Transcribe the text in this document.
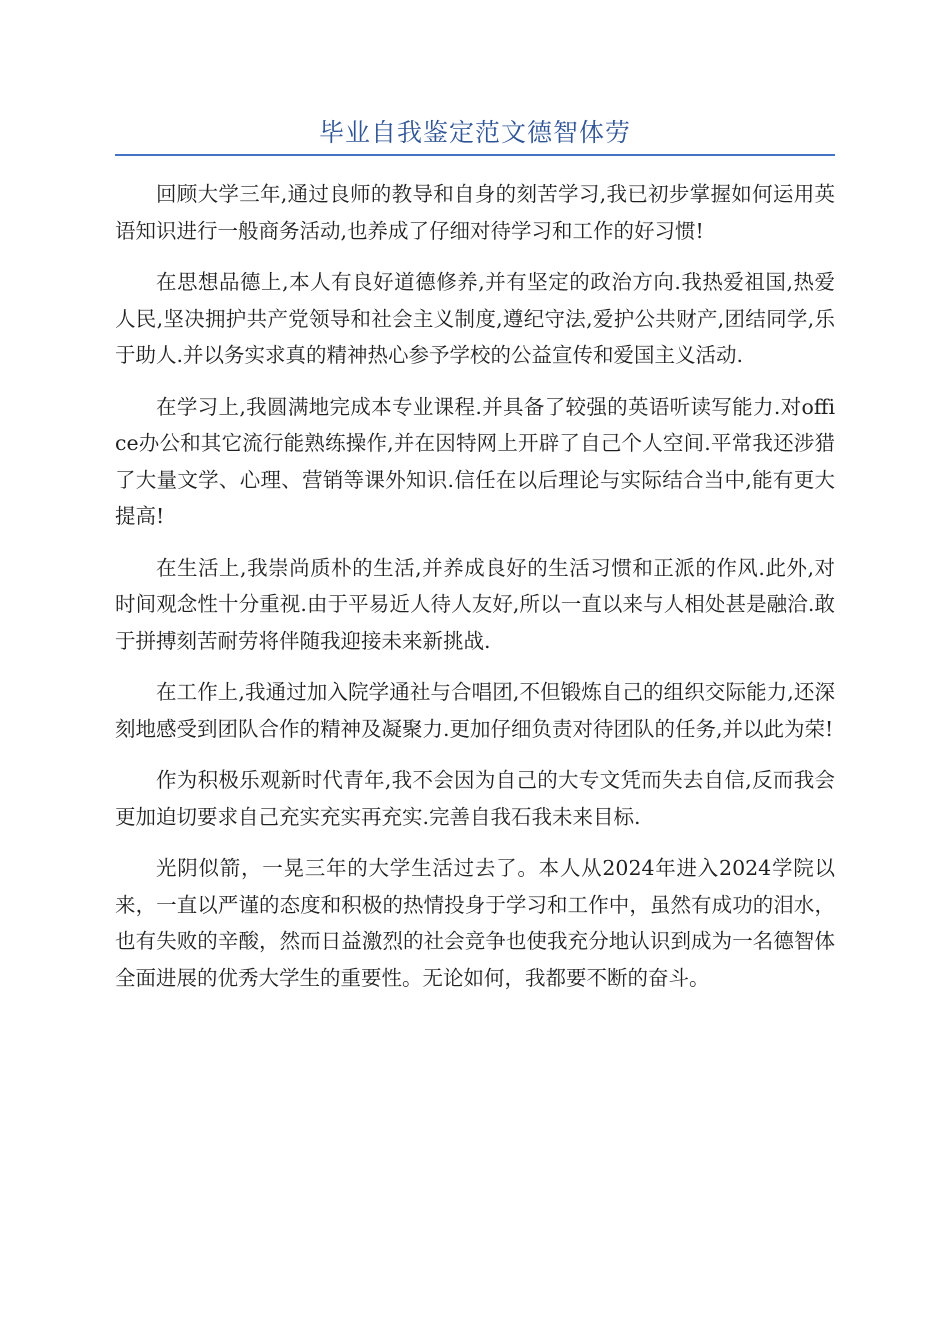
毕业自我鉴定范文德智体劳

回顾大学三年,通过良师的教导和自身的刻苦学习,我已初步掌握如何运用英语知识进行一般商务活动,也养成了仔细对待学习和工作的好习惯!

在思想品德上,本人有良好道德修养,并有坚定的政治方向.我热爱祖国,热爱人民,坚决拥护共产党领导和社会主义制度,遵纪守法,爱护公共财产,团结同学,乐于助人.并以务实求真的精神热心参予学校的公益宣传和爱国主义活动.

在学习上,我圆满地完成本专业课程.并具备了较强的英语听读写能力.对office办公和其它流行能熟练操作,并在因特网上开辟了自己个人空间.平常我还涉猎了大量文学、心理、营销等课外知识.信任在以后理论与实际结合当中,能有更大提高!

在生活上,我崇尚质朴的生活,并养成良好的生活习惯和正派的作风.此外,对时间观念性十分重视.由于平易近人待人友好,所以一直以来与人相处甚是融洽.敢于拼搏刻苦耐劳将伴随我迎接未来新挑战.

在工作上,我通过加入院学通社与合唱团,不但锻炼自己的组织交际能力,还深刻地感受到团队合作的精神及凝聚力.更加仔细负责对待团队的任务,并以此为荣!

作为积极乐观新时代青年,我不会因为自己的大专文凭而失去自信,反而我会更加迫切要求自己充实充实再充实.完善自我石我未来目标.

光阴似箭，一晃三年的大学生活过去了。本人从2024年进入2024学院以来，一直以严谨的态度和积极的热情投身于学习和工作中，虽然有成功的泪水，也有失败的辛酸，然而日益激烈的社会竞争也使我充分地认识到成为一名德智体全面进展的优秀大学生的重要性。无论如何，我都要不断的奋斗。
